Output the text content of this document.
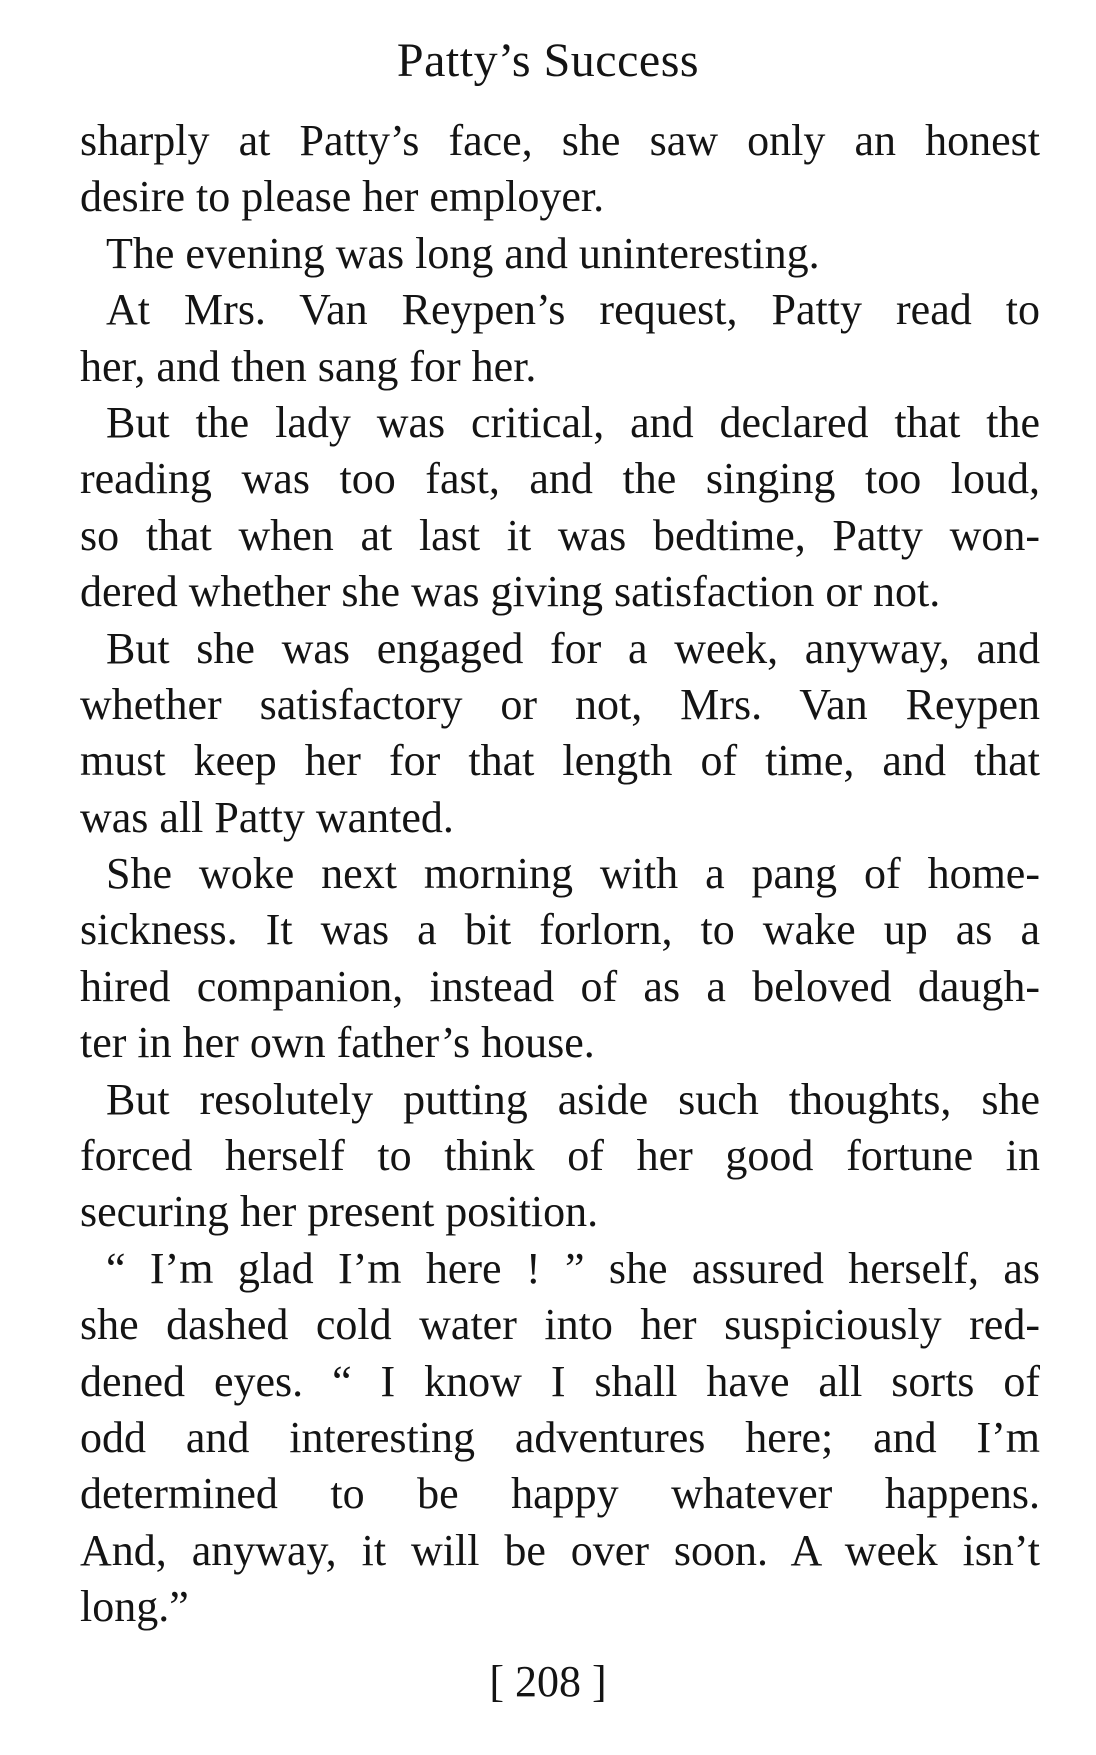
Patty’s Success
sharply at Patty’s face, she saw only an honest
desire to please her employer.
The evening was long and uninteresting.
At Mrs. Van Reypen’s request, Patty read to
her, and then sang for her.
But the lady was critical, and declared that the
reading was too fast, and the singing too loud,
so that when at last it was bedtime, Patty won-
dered whether she was giving satisfaction or not.
But she was engaged for a week, anyway, and
whether satisfactory or not, Mrs. Van Reypen
must keep her for that length of time, and that
was all Patty wanted.
She woke next morning with a pang of home-
sickness. It was a bit forlorn, to wake up as a
hired companion, instead of as a beloved daugh-
ter in her own father’s house.
But resolutely putting aside such thoughts, she
forced herself to think of her good fortune in
securing her present position.
“ I’m glad I’m here ! ” she assured herself, as
she dashed cold water into her suspiciously red-
dened eyes. “ I know I shall have all sorts of
odd and interesting adventures here; and I’m
determined to be happy whatever happens.
And, anyway, it will be over soon. A week isn’t
long.”
[ 208 ]
